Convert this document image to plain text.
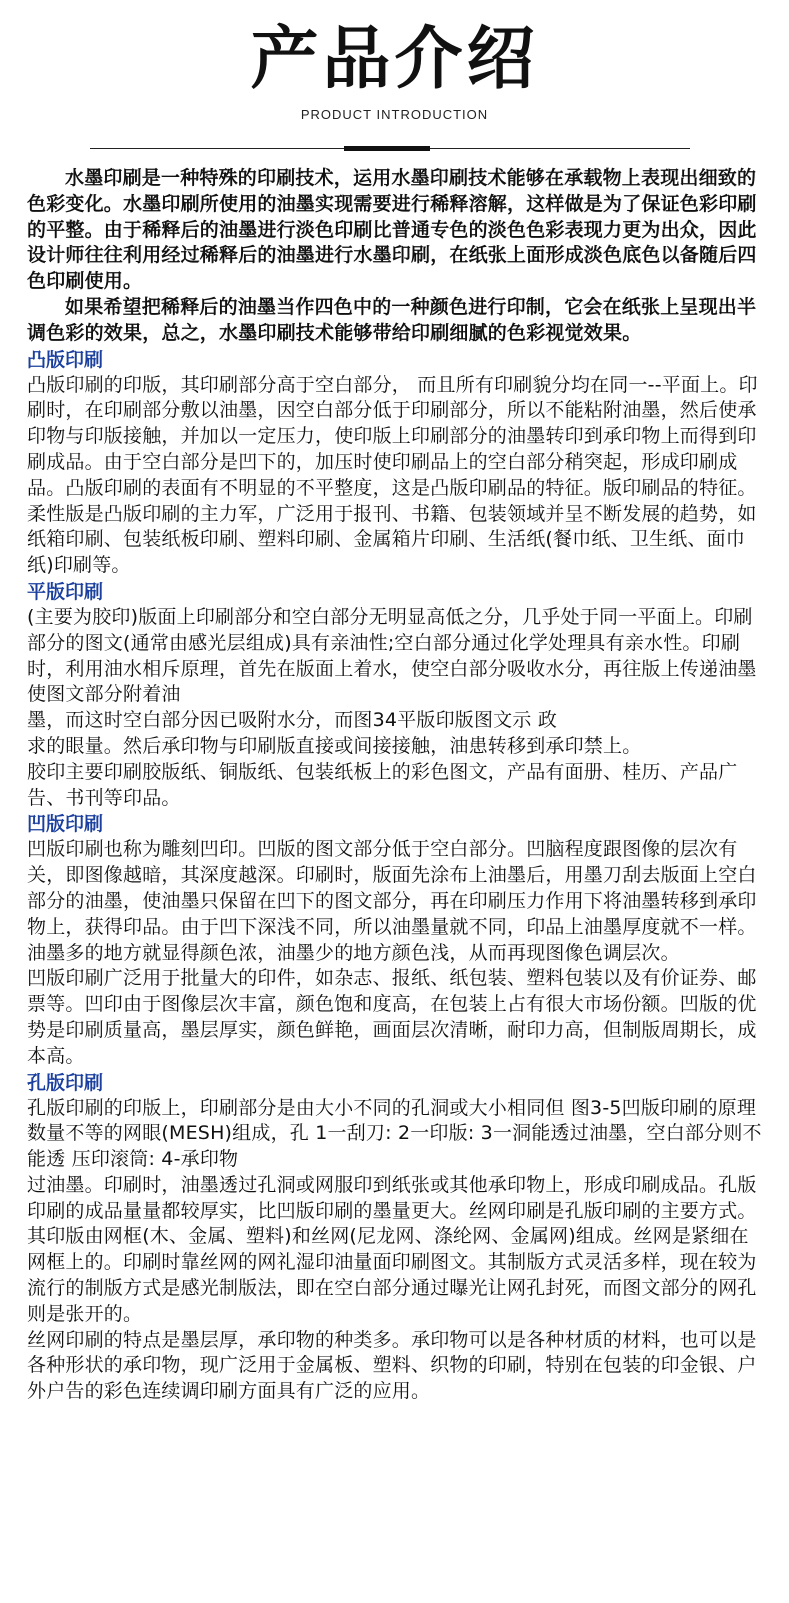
产品介绍
PRODUCT INTRODUCTION

水墨印刷是一种特殊的印刷技术，运用水墨印刷技术能够在承载物上表现出细致的色彩变化。水墨印刷所使用的油墨实现需要进行稀释溶解，这样做是为了保证色彩印刷的平整。由于稀释后的油墨进行淡色印刷比普通专色的淡色色彩表现力更为出众，因此设计师往往利用经过稀释后的油墨进行水墨印刷，在纸张上面形成淡色底色以备随后四色印刷使用。

如果希望把稀释后的油墨当作四色中的一种颜色进行印制，它会在纸张上呈现出半调色彩的效果，总之，水墨印刷技术能够带给印刷细腻的色彩视觉效果。

凸版印刷

凸版印刷的印版，其印刷部分高于空白部分， 而且所有印刷貌分均在同一--平面上。印刷时，在印刷部分敷以油墨，因空白部分低于印刷部分，所以不能粘附油墨，然后使承印物与印版接触，并加以一定压力，使印版上印刷部分的油墨转印到承印物上而得到印刷成品。由于空白部分是凹下的，加压时使印刷品上的空白部分稍突起，形成印刷成品。凸版印刷的表面有不明显的不平整度，这是凸版印刷品的特征。版印刷品的特征。

柔性版是凸版印刷的主力军，广泛用于报刊、书籍、包装领域并呈不断发展的趋势，如纸箱印刷、包装纸板印刷、塑料印刷、金属箱片印刷、生活纸(餐巾纸、卫生纸、面巾纸)印刷等。

平版印刷

(主要为胶印)版面上印刷部分和空白部分无明显高低之分，几乎处于同一平面上。印刷部分的图文(通常由感光层组成)具有亲油性;空白部分通过化学处理具有亲水性。印刷时，利用油水相斥原理，首先在版面上着水，使空白部分吸收水分，再往版上传递油墨使图文部分附着油

墨，而这时空白部分因已吸附水分，而图34平版印版图文示 政

求的眼量。然后承印物与印刷版直接或间接接触，油患转移到承印禁上。

胶印主要印刷胶版纸、铜版纸、包装纸板上的彩色图文，产品有面册、桂历、产品广告、书刊等印品。

凹版印刷

凹版印刷也称为雕刻凹印。凹版的图文部分低于空白部分。凹脑程度跟图像的层次有关，即图像越暗，其深度越深。印刷时，版面先涂布上油墨后，用墨刀刮去版面上空白部分的油墨，使油墨只保留在凹下的图文部分，再在印刷压力作用下将油墨转移到承印物上，获得印品。由于凹下深浅不同，所以油墨量就不同，印品上油墨厚度就不一样。油墨多的地方就显得颜色浓，油墨少的地方颜色浅，从而再现图像色调层次。

凹版印刷广泛用于批量大的印件，如杂志、报纸、纸包装、塑料包装以及有价证券、邮票等。凹印由于图像层次丰富，颜色饱和度高，在包装上占有很大市场份额。凹版的优势是印刷质量高，墨层厚实，颜色鲜艳，画面层次清晰，耐印力高，但制版周期长，成本高。

孔版印刷

孔版印刷的印版上，印刷部分是由大小不同的孔洞或大小相同但 图3-5凹版印刷的原理数量不等的网眼(MESH)组成，孔 1一刮刀: 2一印版: 3一洞能透过油墨，空白部分则不能透 压印滚筒: 4-承印物

过油墨。印刷时，油墨透过孔洞或网服印到纸张或其他承印物上，形成印刷成品。孔版印刷的成品量量都较厚实，比凹版印刷的墨量更大。丝网印刷是孔版印刷的主要方式。其印版由网框(木、金属、塑料)和丝网(尼龙网、涤纶网、金属网)组成。丝网是紧细在网框上的。印刷时靠丝网的网礼湿印油量面印刷图文。其制版方式灵活多样，现在较为流行的制版方式是感光制版法，即在空白部分通过曝光让网孔封死，而图文部分的网孔则是张开的。

丝网印刷的特点是墨层厚，承印物的种类多。承印物可以是各种材质的材料，也可以是各种形状的承印物，现广泛用于金属板、塑料、织物的印刷，特别在包装的印金银、户外户告的彩色连续调印刷方面具有广泛的应用。
